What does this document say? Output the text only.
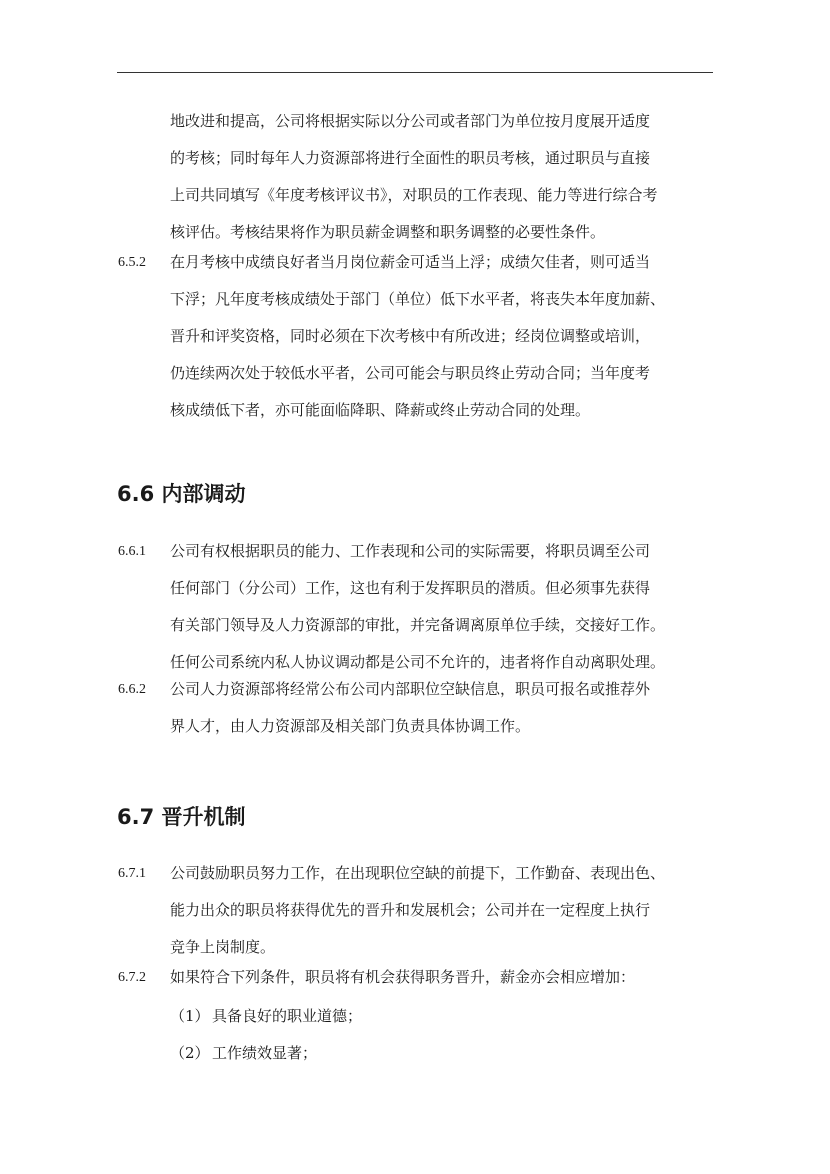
地改进和提高，公司将根据实际以分公司或者部门为单位按月度展开适度
的考核；同时每年人力资源部将进行全面性的职员考核，通过职员与直接
上司共同填写《年度考核评议书》，对职员的工作表现、能力等进行综合考
核评估。考核结果将作为职员薪金调整和职务调整的必要性条件。
6.5.2 在月考核中成绩良好者当月岗位薪金可适当上浮；成绩欠佳者，则可适当
下浮；凡年度考核成绩处于部门（单位）低下水平者，将丧失本年度加薪、
晋升和评奖资格，同时必须在下次考核中有所改进；经岗位调整或培训，
仍连续两次处于较低水平者，公司可能会与职员终止劳动合同；当年度考
核成绩低下者，亦可能面临降职、降薪或终止劳动合同的处理。
6.6 内部调动
6.6.1 公司有权根据职员的能力、工作表现和公司的实际需要，将职员调至公司
任何部门（分公司）工作，这也有利于发挥职员的潜质。但必须事先获得
有关部门领导及人力资源部的审批，并完备调离原单位手续，交接好工作。
任何公司系统内私人协议调动都是公司不允许的，违者将作自动离职处理。
6.6.2 公司人力资源部将经常公布公司内部职位空缺信息，职员可报名或推荐外
界人才，由人力资源部及相关部门负责具体协调工作。
6.7 晋升机制
6.7.1 公司鼓励职员努力工作，在出现职位空缺的前提下，工作勤奋、表现出色、
能力出众的职员将获得优先的晋升和发展机会；公司并在一定程度上执行
竞争上岗制度。
6.7.2 如果符合下列条件，职员将有机会获得职务晋升，薪金亦会相应增加：
（1） 具备良好的职业道德；
（2） 工作绩效显著；
